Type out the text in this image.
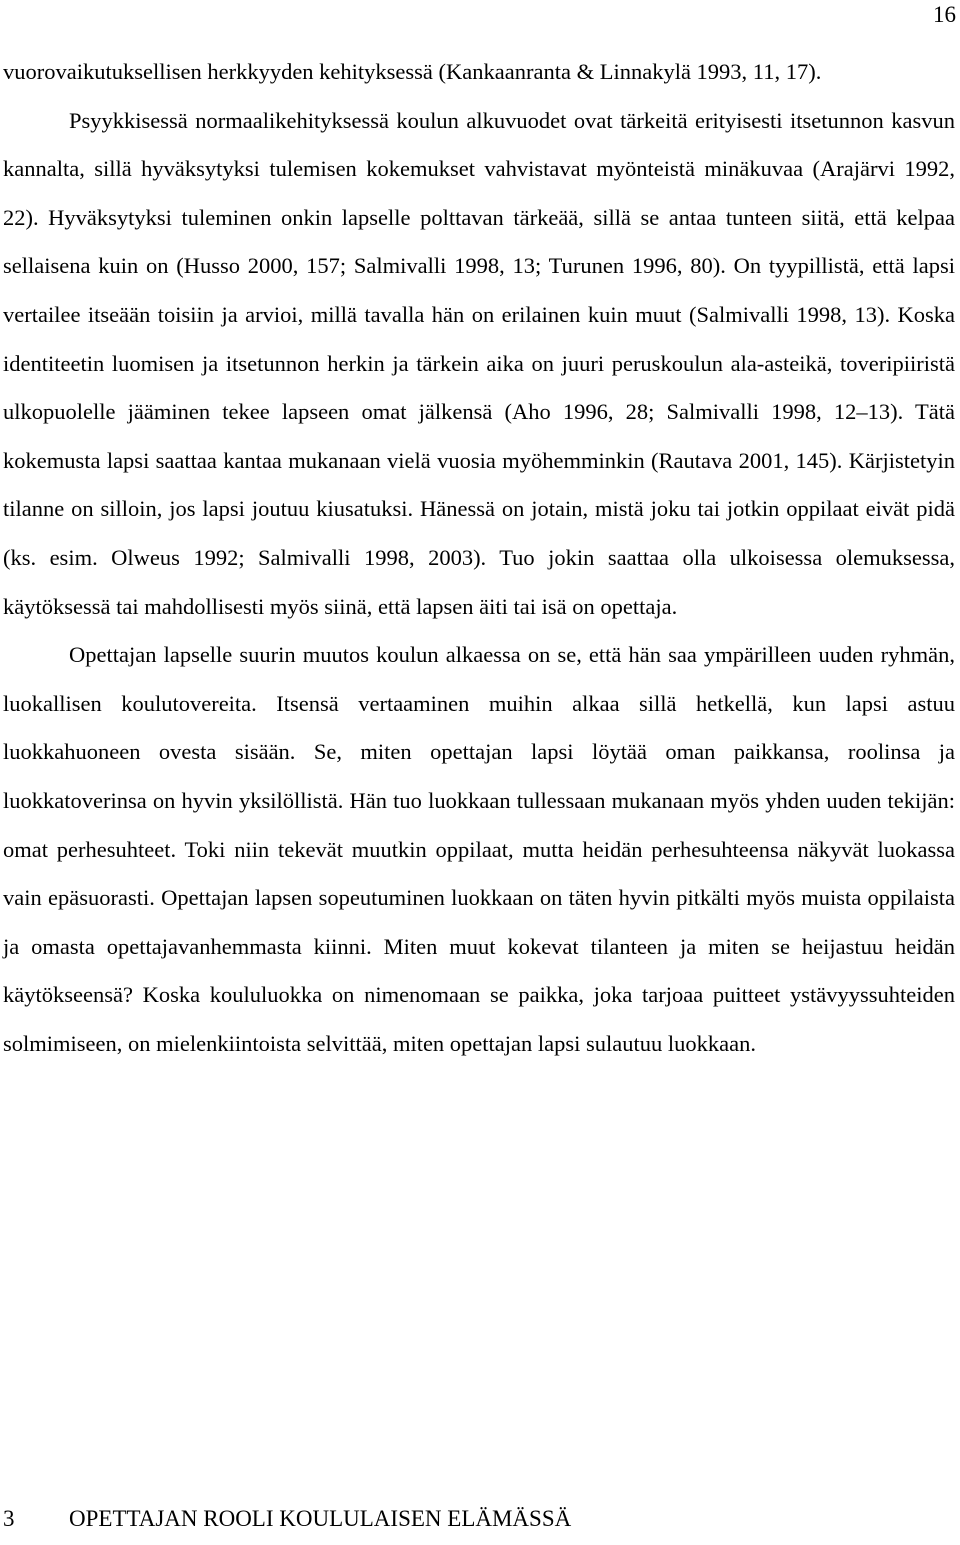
16

vuorovaikutuksellisen herkkyyden kehityksessä (Kankaanranta & Linnakylä 1993, 11, 17).

Psyykkisessä normaalikehityksessä koulun alkuvuodet ovat tärkeitä erityisesti itsetunnon kasvun kannalta, sillä hyväksytyksi tulemisen kokemukset vahvistavat myönteistä minäkuvaa (Arajärvi 1992, 22). Hyväksytyksi tuleminen onkin lapselle polttavan tärkeää, sillä se antaa tunteen siitä, että kelpaa sellaisena kuin on (Husso 2000, 157; Salmivalli 1998, 13; Turunen 1996, 80). On tyypillistä, että lapsi vertailee itseään toisiin ja arvioi, millä tavalla hän on erilainen kuin muut (Salmivalli 1998, 13). Koska identiteetin luomisen ja itsetunnon herkin ja tärkein aika on juuri peruskoulun ala-asteikä, toveripiiristä ulkopuolelle jääminen tekee lapseen omat jälkensä (Aho 1996, 28; Salmivalli 1998, 12–13). Tätä kokemusta lapsi saattaa kantaa mukanaan vielä vuosia myöhemminkin (Rautava 2001, 145). Kärjistetyin tilanne on silloin, jos lapsi joutuu kiusatuksi. Hänessä on jotain, mistä joku tai jotkin oppilaat eivät pidä (ks. esim. Olweus 1992; Salmivalli 1998, 2003). Tuo jokin saattaa olla ulkoisessa olemuksessa, käytöksessä tai mahdollisesti myös siinä, että lapsen äiti tai isä on opettaja.

Opettajan lapselle suurin muutos koulun alkaessa on se, että hän saa ympärilleen uuden ryhmän, luokallisen koulutovereita. Itsensä vertaaminen muihin alkaa sillä hetkellä, kun lapsi astuu luokkahuoneen ovesta sisään. Se, miten opettajan lapsi löytää oman paikkansa, roolinsa ja luokkatoverinsa on hyvin yksilöllistä. Hän tuo luokkaan tullessaan mukanaan myös yhden uuden tekijän: omat perhesuhteet. Toki niin tekevät muutkin oppilaat, mutta heidän perhesuhteensa näkyvät luokassa vain epäsuorasti. Opettajan lapsen sopeutuminen luokkaan on täten hyvin pitkälti myös muista oppilaista ja omasta opettajavanhemmasta kiinni. Miten muut kokevat tilanteen ja miten se heijastuu heidän käytökseensä? Koska koululuokka on nimenomaan se paikka, joka tarjoaa puitteet ystävyyssuhteiden solmimiseen, on mielenkiintoista selvittää, miten opettajan lapsi sulautuu luokkaan.

3 OPETTAJAN ROOLI KOULULAISEN ELÄMÄSSÄ
